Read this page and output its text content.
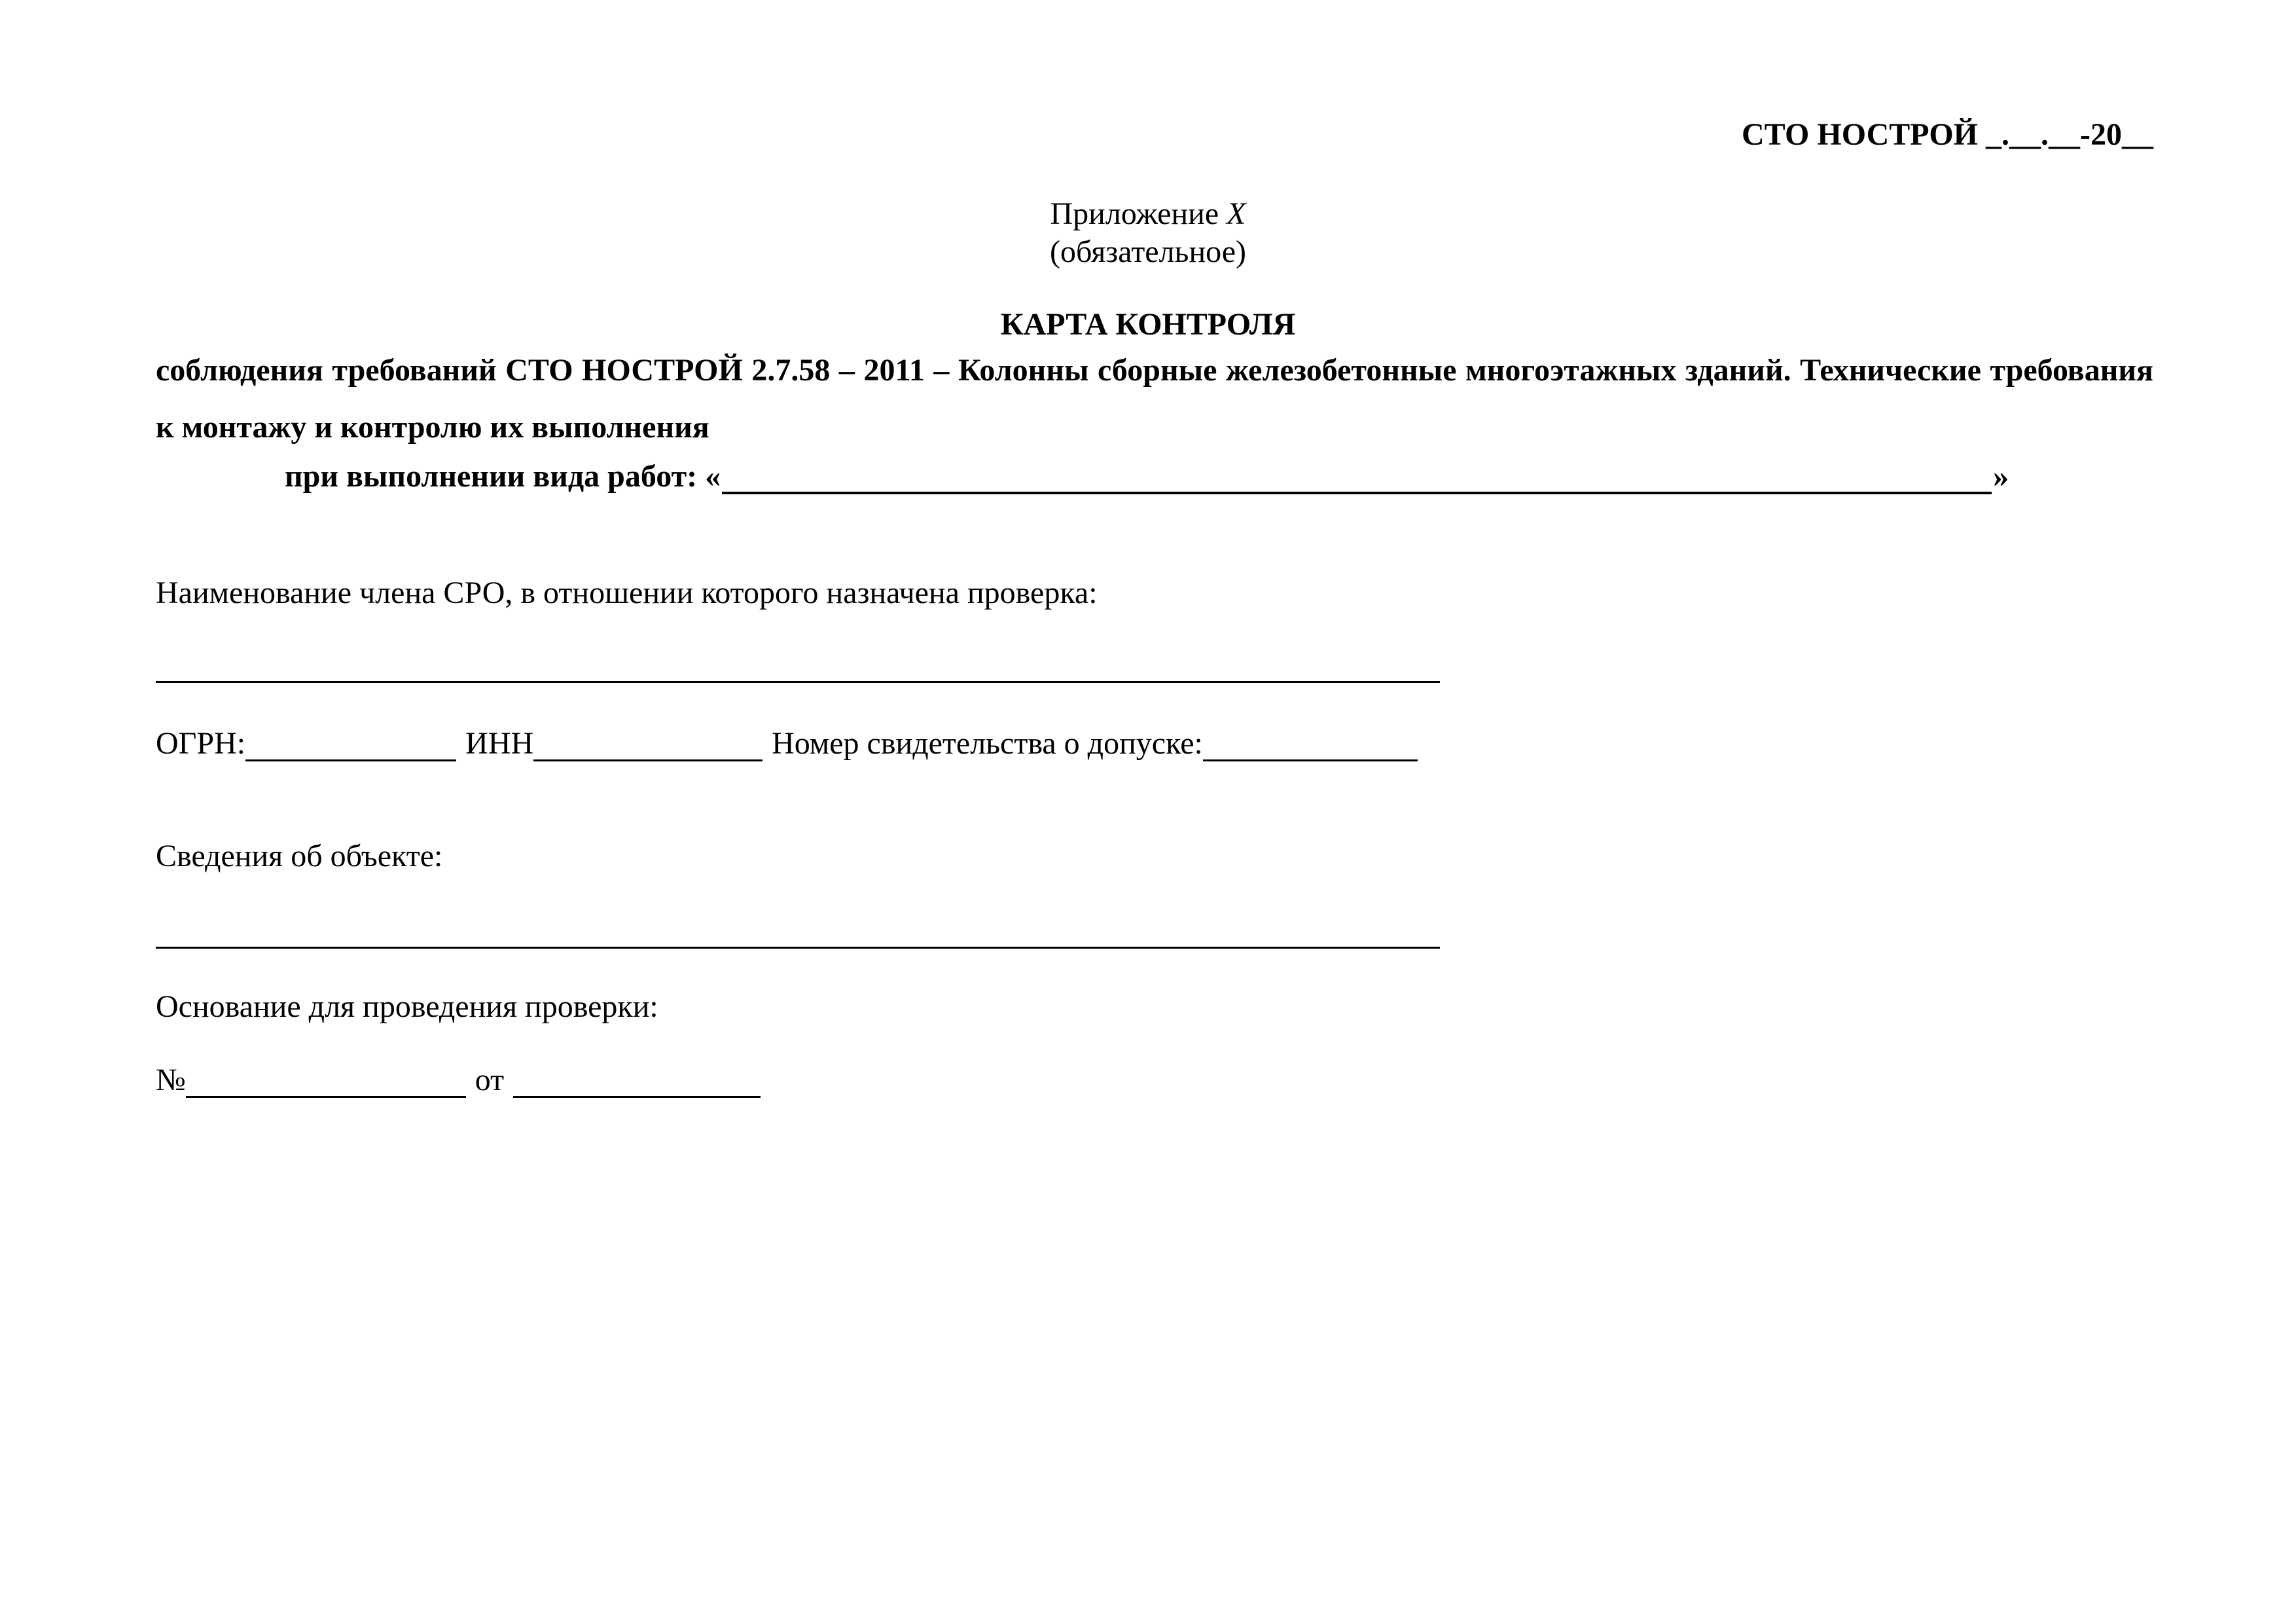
СТО НОСТРОЙ _.__.__-20__
Приложение X
(обязательное)
КАРТА КОНТРОЛЯ
соблюдения требований СТО НОСТРОЙ 2.7.58 – 2011 – Колонны сборные железобетонные многоэтажных зданий. Технические требования к монтажу и контролю их выполнения
при выполнении вида работ: «	»
Наименование члена СРО, в отношении которого назначена проверка:
ОГРН:	ИНН	Номер свидетельства о допуске:
Сведения об объекте:
Основание для проведения проверки:
№	от
